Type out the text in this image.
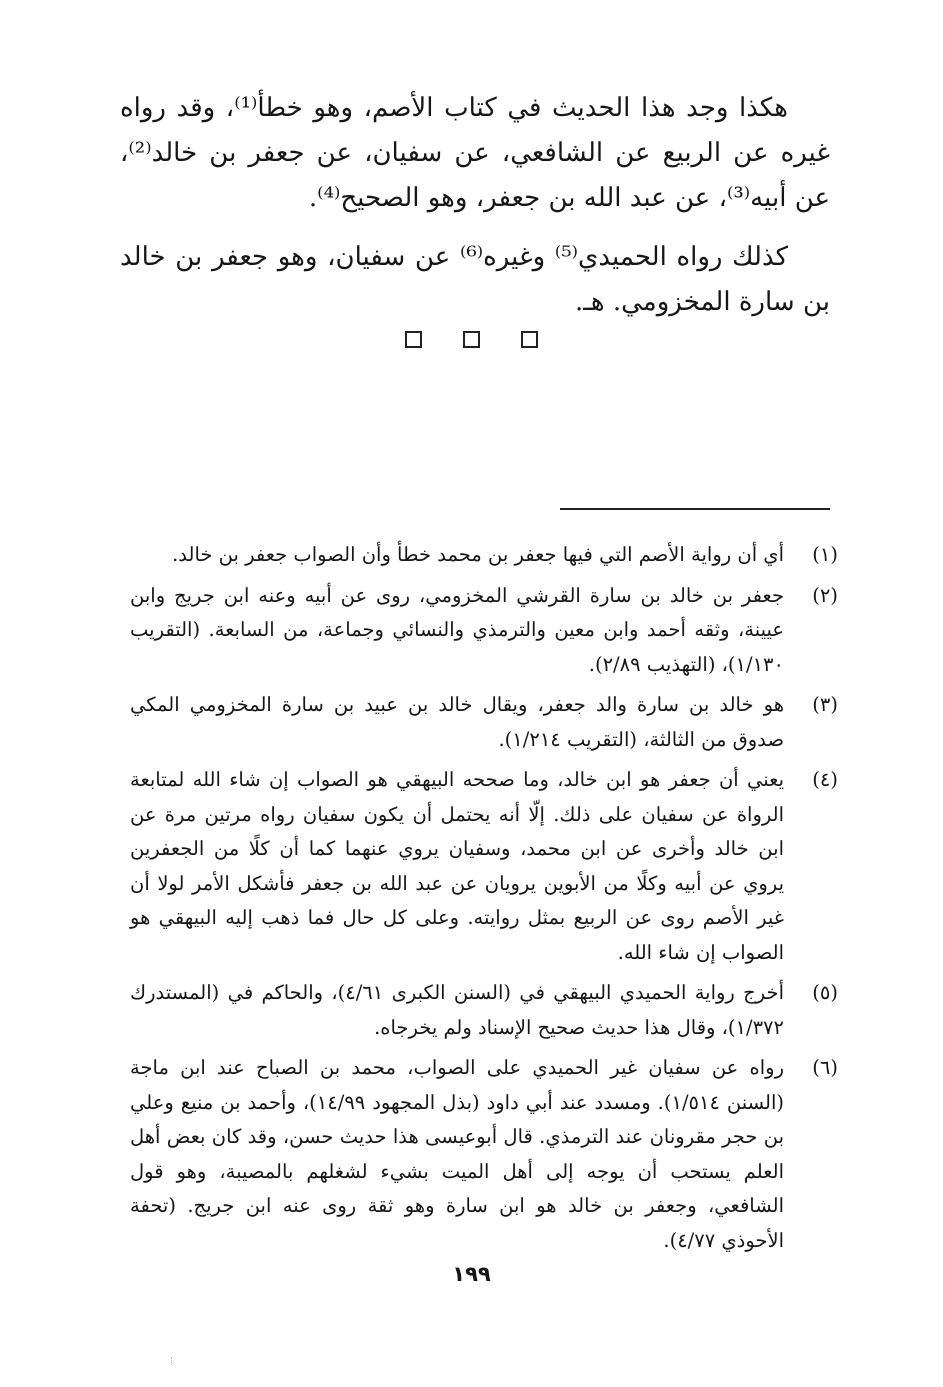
هكذا وجد هذا الحديث في كتاب الأصم، وهو خطأ⁽¹⁾، وقد رواه غيره عن الربيع عن الشافعي، عن سفيان، عن جعفر بن خالد⁽²⁾، عن أبيه⁽³⁾، عن عبد الله بن جعفر، وهو الصحيح⁽⁴⁾.

كذلك رواه الحميدي⁽⁵⁾ وغيره⁽⁶⁾ عن سفيان، وهو جعفر بن خالد بن سارة المخزومي. هـ.

(١)
أي أن رواية الأصم التي فيها جعفر بن محمد خطأ وأن الصواب جعفر بن خالد.
(٢)
جعفر بن خالد بن سارة القرشي المخزومي، روى عن أبيه وعنه ابن جريج وابن عيينة، وثقه أحمد وابن معين والترمذي والنسائي وجماعة، من السابعة. (التقريب ١/١٣٠)، (التهذيب ٢/٨٩).
(٣)
هو خالد بن سارة والد جعفر، ويقال خالد بن عبيد بن سارة المخزومي المكي صدوق من الثالثة، (التقريب ١/٢١٤).
(٤)
يعني أن جعفر هو ابن خالد، وما صححه البيهقي هو الصواب إن شاء الله لمتابعة الرواة عن سفيان على ذلك. إلّا أنه يحتمل أن يكون سفيان رواه مرتين مرة عن ابن خالد وأخرى عن ابن محمد، وسفيان يروي عنهما كما أن كلًا من الجعفرين يروي عن أبيه وكلًا من الأبوين يرويان عن عبد الله بن جعفر فأشكل الأمر لولا أن غير الأصم روى عن الربيع بمثل روايته. وعلى كل حال فما ذهب إليه البيهقي هو الصواب إن شاء الله.
(٥)
أخرج رواية الحميدي البيهقي في (السنن الكبرى ٤/٦١)، والحاكم في (المستدرك ١/٣٧٢)، وقال هذا حديث صحيح الإسناد ولم يخرجاه.
(٦)
رواه عن سفيان غير الحميدي على الصواب، محمد بن الصباح عند ابن ماجة (السنن ١/٥١٤). ومسدد عند أبي داود (بذل المجهود ١٤/٩٩)، وأحمد بن منيع وعلي بن حجر مقرونان عند الترمذي. قال أبوعيسى هذا حديث حسن، وقد كان بعض أهل العلم يستحب أن يوجه إلى أهل الميت بشيء لشغلهم بالمصيبة، وهو قول الشافعي، وجعفر بن خالد هو ابن سارة وهو ثقة روى عنه ابن جريج. (تحفة الأحوذي ٤/٧٧).
١٩٩
